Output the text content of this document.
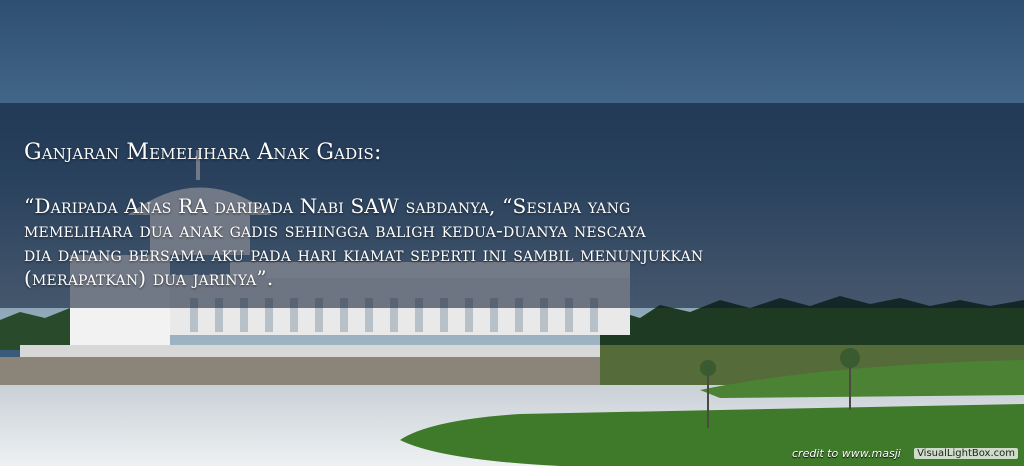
Ganjaran Memelihara Anak Gadis:
“Daripada Anas RA daripada Nabi SAW sabdanya, “Sesiapa yang
memelihara dua anak gadis sehingga baligh kedua-duanya nescaya
dia datang bersama aku pada hari kiamat seperti ini sambil menunjukkan
(merapatkan) dua jarinya”.
credit to www.masji	VisualLightBox.com
